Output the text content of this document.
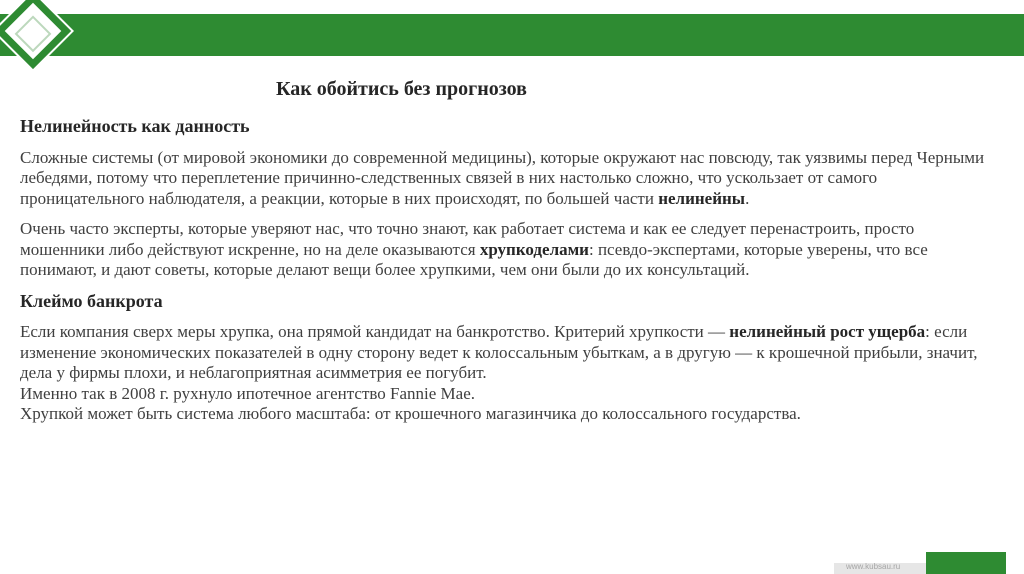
Как обойтись без прогнозов
Нелинейность как данность

Сложные системы (от мировой экономики до современной медицины), которые окружают нас повсюду, так уязвимы перед Черными лебедями, потому что переплетение причинно-следственных связей в них настолько сложно, что ускользает от самого проницательного наблюдателя, а реакции, которые в них происходят, по большей части нелинейны.

Очень часто эксперты, которые уверяют нас, что точно знают, как работает система и как ее следует перенастроить, просто мошенники либо действуют искренне, но на деле оказываются хрупкоделами: псевдо-экспертами, которые уверены, что все понимают, и дают советы, которые делают вещи более хрупкими, чем они были до их консультаций.

Клеймо банкрота

Если компания сверх меры хрупка, она прямой кандидат на банкротство. Критерий хрупкости — нелинейный рост ущерба: если изменение экономических показателей в одну сторону ведет к колоссальным убыткам, а в другую — к крошечной прибыли, значит, дела у фирмы плохи, и неблагоприятная асимметрия ее погубит.
Именно так в 2008 г. рухнуло ипотечное агентство Fannie Mae.
Хрупкой может быть система любого масштаба: от крошечного магазинчика до колоссального государства.

www.kubsau.ru
